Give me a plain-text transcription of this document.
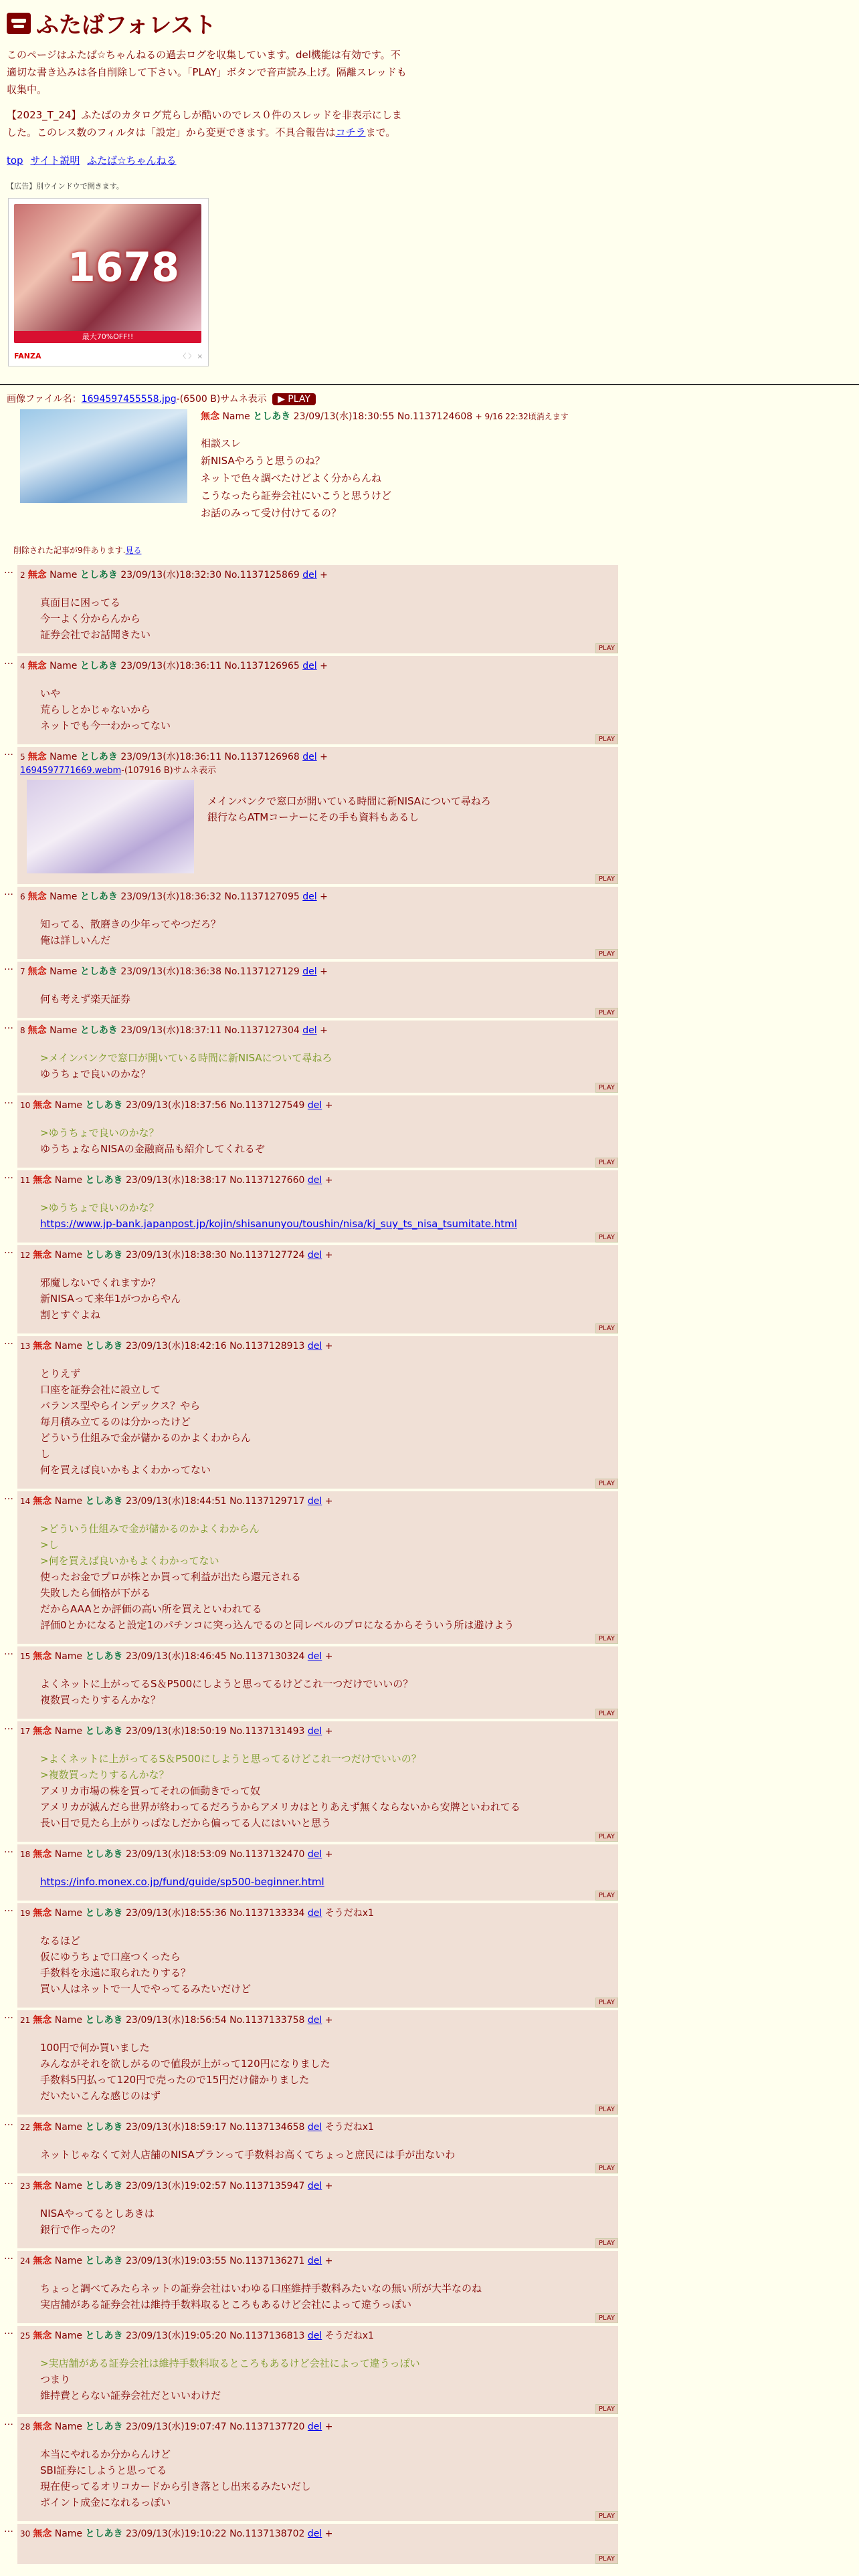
ふたばフォレスト

このページはふたば☆ちゃんねるの過去ログを収集しています。del機能は有効です。不適切な書き込みは各自削除して下さい。「PLAY」ボタンで音声読み上げ。隔離スレッドも収集中。

【2023_T_24】ふたばのカタログ荒らしが酷いのでレス０件のスレッドを非表示にしました。このレス数のフィルタは「設定」から変更できます。不具合報告はコチラまで。

top サイト説明 ふたば☆ちゃんねる
【広告】別ウインドウで開きます。
1678
最大70%OFF!!
FANZA	〈 〉 ×
画像ファイル名：1694597455558.jpg-(6500 B)サムネ表示 ▶ PLAY
無念 Name としあき 23/09/13(水)18:30:55 No.1137124608 + 9/16 22:32頃消えます
相談スレ
新NISAやろうと思うのね？
ネットで色々調べたけどよく分からんね
こうなったら証券会社にいこうと思うけど
お話のみって受け付けてるの？
削除された記事が9件あります.見る
… 2 無念 Name としあき 23/09/13(水)18:32:30 No.1137125869 del +
真面目に困ってる
今一よく分からんから
証券会社でお話聞きたい
PLAY
… 4 無念 Name としあき 23/09/13(水)18:36:11 No.1137126965 del +
いや
荒らしとかじゃないから
ネットでも今一わかってない
PLAY
… 5 無念 Name としあき 23/09/13(水)18:36:11 No.1137126968 del +
1694597771669.webm-(107916 B)サムネ表示
メインバンクで窓口が開いている時間に新NISAについて尋ねろ
銀行ならATMコーナーにその手も資料もあるし
PLAY
… 6 無念 Name としあき 23/09/13(水)18:36:32 No.1137127095 del +
知ってる、散磨きの少年ってやつだろ？
俺は詳しいんだ
PLAY
… 7 無念 Name としあき 23/09/13(水)18:36:38 No.1137127129 del +
何も考えず楽天証券
PLAY
… 8 無念 Name としあき 23/09/13(水)18:37:11 No.1137127304 del +
>メインバンクで窓口が開いている時間に新NISAについて尋ねろ
ゆうちょで良いのかな？
PLAY
… 10 無念 Name としあき 23/09/13(水)18:37:56 No.1137127549 del +
>ゆうちょで良いのかな？
ゆうちょならNISAの金融商品も紹介してくれるぞ
PLAY
… 11 無念 Name としあき 23/09/13(水)18:38:17 No.1137127660 del +
>ゆうちょで良いのかな？
https://www.jp-bank.japanpost.jp/kojin/shisanunyou/toushin/nisa/kj_suy_ts_nisa_tsumitate.html
PLAY
… 12 無念 Name としあき 23/09/13(水)18:38:30 No.1137127724 del +
邪魔しないでくれますか？
新NISAって来年1がつからやん
割とすぐよね
PLAY
… 13 無念 Name としあき 23/09/13(水)18:42:16 No.1137128913 del +
とりえず
口座を証券会社に設立して
バランス型やらインデックス？やら
毎月積み立てるのは分かったけど
どういう仕組みで金が儲かるのかよくわからん
し
何を買えば良いかもよくわかってない
PLAY
… 14 無念 Name としあき 23/09/13(水)18:44:51 No.1137129717 del +
>どういう仕組みで金が儲かるのかよくわからん
>し
>何を買えば良いかもよくわかってない
使ったお金でプロが株とか買って利益が出たら還元される
失敗したら価格が下がる
だからAAAとか評価の高い所を買えといわれてる
評価0とかになると設定1のパチンコに突っ込んでるのと同レベルのプロになるからそういう所は避けよう
PLAY
… 15 無念 Name としあき 23/09/13(水)18:46:45 No.1137130324 del +
よくネットに上がってるS＆P500にしようと思ってるけどこれ一つだけでいいの？
複数買ったりするんかな？
PLAY
… 17 無念 Name としあき 23/09/13(水)18:50:19 No.1137131493 del +
>よくネットに上がってるS＆P500にしようと思ってるけどこれ一つだけでいいの？
>複数買ったりするんかな？
アメリカ市場の株を買ってそれの価動きでって奴
アメリカが滅んだら世界が終わってるだろうからアメリカはとりあえず無くならないから安牌といわれてる
長い目で見たら上がりっぱなしだから偏ってる人にはいいと思う
PLAY
… 18 無念 Name としあき 23/09/13(水)18:53:09 No.1137132470 del +
https://info.monex.co.jp/fund/guide/sp500-beginner.html
PLAY
… 19 無念 Name としあき 23/09/13(水)18:55:36 No.1137133334 del そうだねx1
なるほど
仮にゆうちょで口座つくったら
手数料を永遠に取られたりする？
買い人はネットで一人でやってるみたいだけど
PLAY
… 21 無念 Name としあき 23/09/13(水)18:56:54 No.1137133758 del +
100円で何か買いました
みんながそれを欲しがるので値段が上がって120円になりました
手数料5円払って120円で売ったので15円だけ儲かりました
だいたいこんな感じのはず
PLAY
… 22 無念 Name としあき 23/09/13(水)18:59:17 No.1137134658 del そうだねx1
ネットじゃなくて対人店舗のNISAプランって手数料お高くてちょっと庶民には手が出ないわ
PLAY
… 23 無念 Name としあき 23/09/13(水)19:02:57 No.1137135947 del +
NISAやってるとしあきは
銀行で作ったの？
PLAY
… 24 無念 Name としあき 23/09/13(水)19:03:55 No.1137136271 del +
ちょっと調べてみたらネットの証券会社はいわゆる口座維持手数料みたいなの無い所が大半なのね
実店舗がある証券会社は維持手数料取るところもあるけど会社によって違うっぽい
PLAY
… 25 無念 Name としあき 23/09/13(水)19:05:20 No.1137136813 del そうだねx1
>実店舗がある証券会社は維持手数料取るところもあるけど会社によって違うっぽい
つまり
維持費とらない証券会社だといいわけだ
PLAY
… 28 無念 Name としあき 23/09/13(水)19:07:47 No.1137137720 del +
本当にやれるか分からんけど
SBI証券にしようと思ってる
現在使ってるオリコカードから引き落とし出来るみたいだし
ポイント成金になれるっぽい
PLAY
… 30 無念 Name としあき 23/09/13(水)19:10:22 No.1137138702 del +
PLAY
